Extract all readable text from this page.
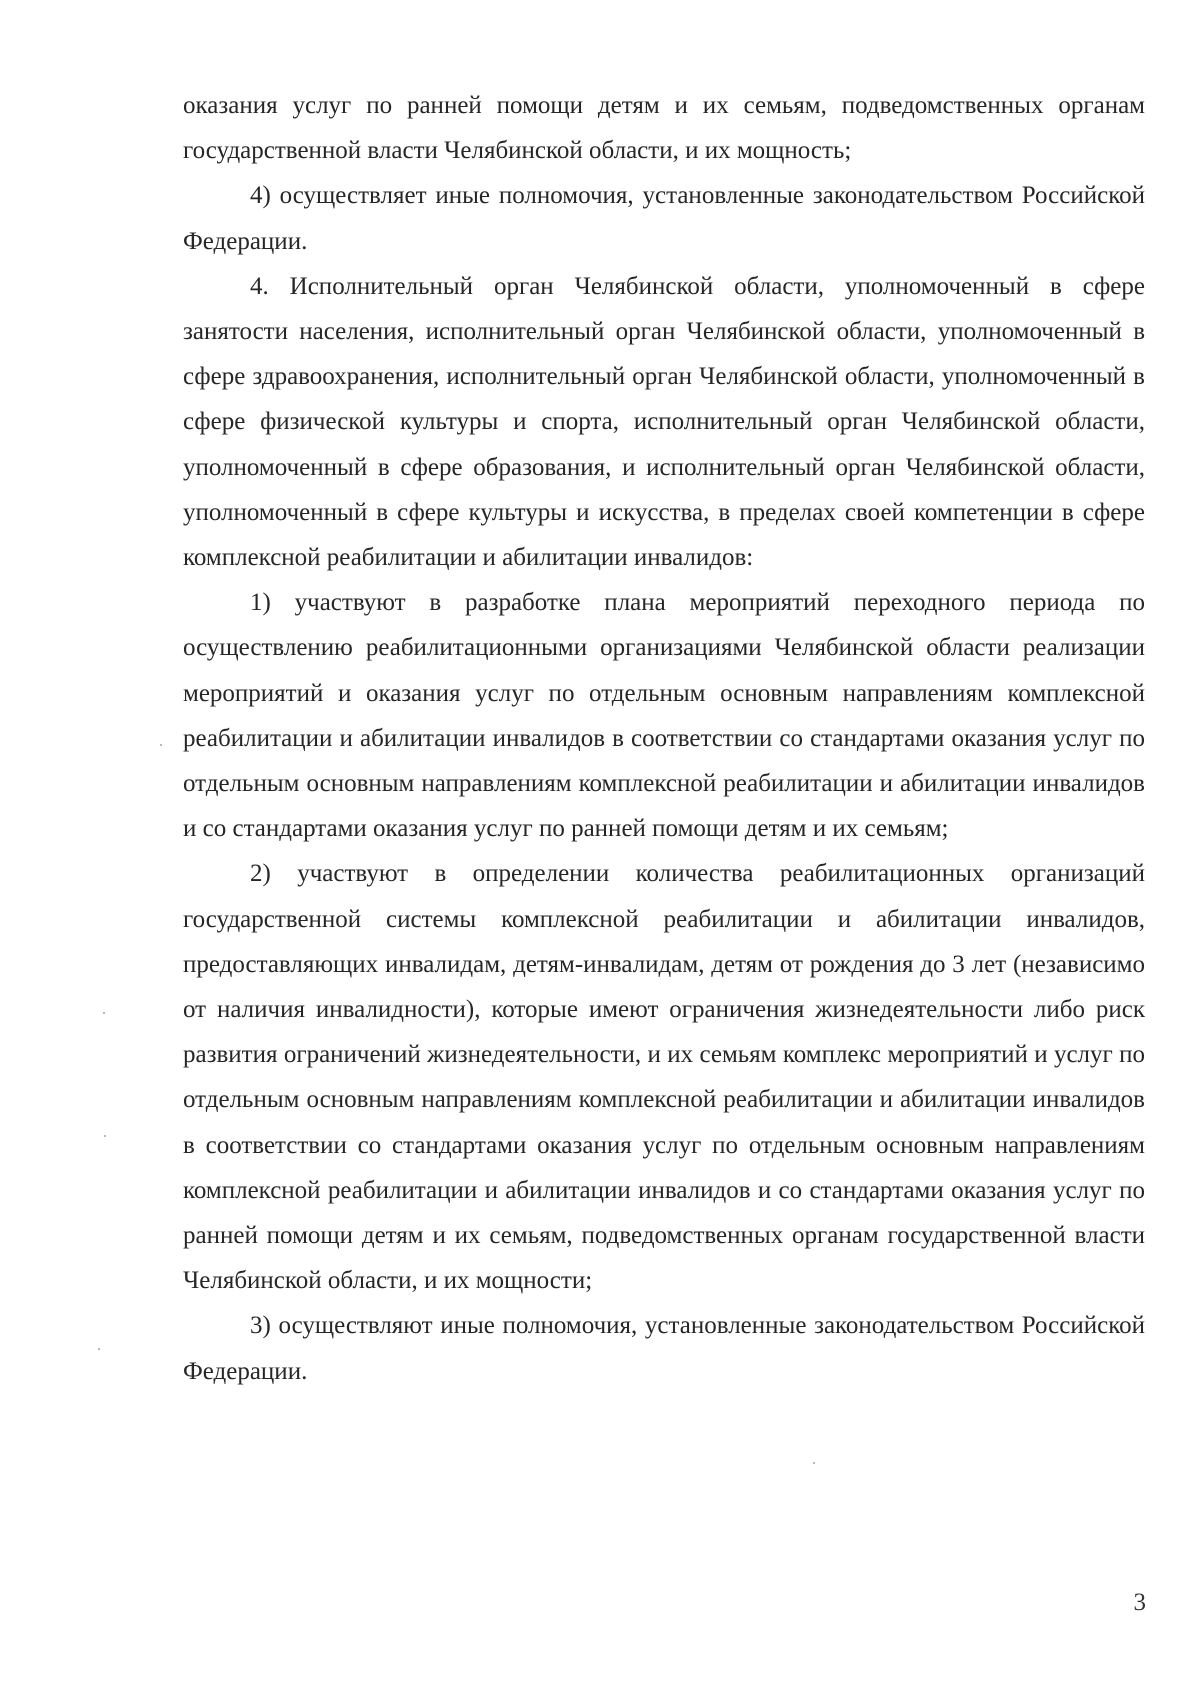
оказания услуг по ранней помощи детям и их семьям, подведомственных органам государственной власти Челябинской области, и их мощность;

4) осуществляет иные полномочия, установленные законодательством Российской Федерации.

4. Исполнительный орган Челябинской области, уполномоченный в сфере занятости населения, исполнительный орган Челябинской области, уполномоченный в сфере здравоохранения, исполнительный орган Челябинской области, уполномоченный в сфере физической культуры и спорта, исполнительный орган Челябинской области, уполномоченный в сфере образования, и исполнительный орган Челябинской области, уполномоченный в сфере культуры и искусства, в пределах своей компетенции в сфере комплексной реабилитации и абилитации инвалидов:

1) участвуют в разработке плана мероприятий переходного периода по осуществлению реабилитационными организациями Челябинской области реализации мероприятий и оказания услуг по отдельным основным направлениям комплексной реабилитации и абилитации инвалидов в соответствии со стандартами оказания услуг по отдельным основным направлениям комплексной реабилитации и абилитации инвалидов и со стандартами оказания услуг по ранней помощи детям и их семьям;

2) участвуют в определении количества реабилитационных организаций государственной системы комплексной реабилитации и абилитации инвалидов, предоставляющих инвалидам, детям-инвалидам, детям от рождения до 3 лет (независимо от наличия инвалидности), которые имеют ограничения жизнедеятельности либо риск развития ограничений жизнедеятельности, и их семьям комплекс мероприятий и услуг по отдельным основным направлениям комплексной реабилитации и абилитации инвалидов в соответствии со стандартами оказания услуг по отдельным основным направлениям комплексной реабилитации и абилитации инвалидов и со стандартами оказания услуг по ранней помощи детям и их семьям, подведомственных органам государственной власти Челябинской области, и их мощности;

3) осуществляют иные полномочия, установленные законодательством Российской Федерации.

3
